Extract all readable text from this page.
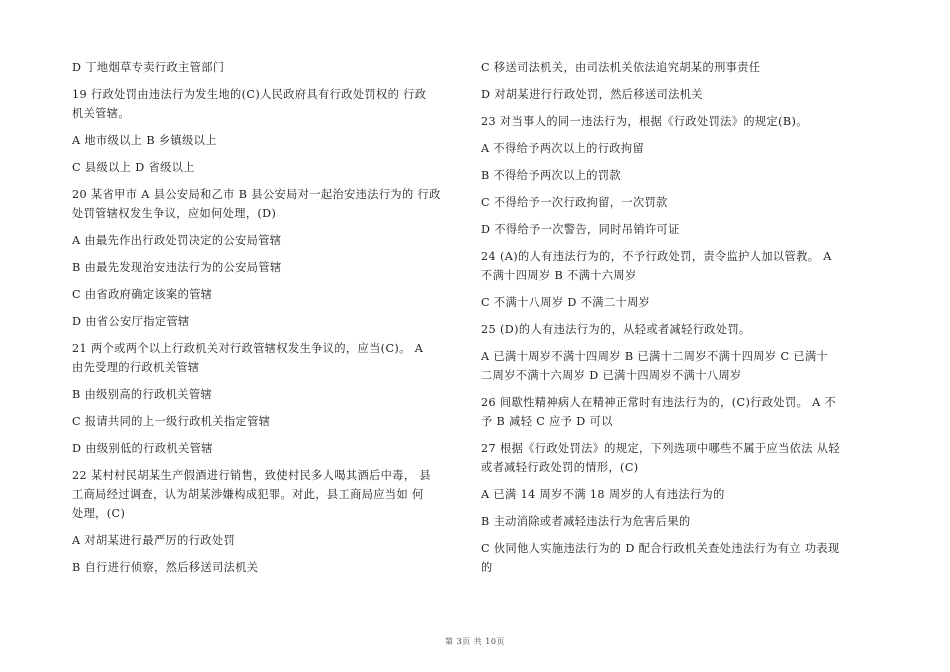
D 丁地烟草专卖行政主管部门
19 行政处罚由违法行为发生地的(C)人民政府具有行政处罚权的 行政
机关管辖。
A 地市级以上 B 乡镇级以上
C 县级以上 D 省级以上
20 某省甲市 A 县公安局和乙市 B 县公安局对一起治安违法行为的 行政
处罚管辖权发生争议，应如何处理，(D)
A 由最先作出行政处罚决定的公安局管辖
B 由最先发现治安违法行为的公安局管辖
C 由省政府确定该案的管辖
D 由省公安厅指定管辖
21 两个或两个以上行政机关对行政管辖权发生争议的，应当(C)。 A
由先受理的行政机关管辖
B 由级别高的行政机关管辖
C 报请共同的上一级行政机关指定管辖
D 由级别低的行政机关管辖
22 某村村民胡某生产假酒进行销售，致使村民多人喝其酒后中毒， 县
工商局经过调查，认为胡某涉嫌构成犯罪。对此，县工商局应当如 何
处理，(C)
A 对胡某进行最严厉的行政处罚
B 自行进行侦察，然后移送司法机关
C 移送司法机关，由司法机关依法追究胡某的刑事责任
D 对胡某进行行政处罚，然后移送司法机关
23 对当事人的同一违法行为，根据《行政处罚法》的规定(B)。
A 不得给予两次以上的行政拘留
B 不得给予两次以上的罚款
C 不得给予一次行政拘留，一次罚款
D 不得给予一次警告，同时吊销许可证
24 (A)的人有违法行为的，不予行政处罚，责令监护人加以管教。 A
不满十四周岁 B 不满十六周岁
C 不满十八周岁 D 不满二十周岁
25 (D)的人有违法行为的，从轻或者减轻行政处罚。
A 已满十周岁不满十四周岁 B 已满十二周岁不满十四周岁 C 已满十
二周岁不满十六周岁 D 已满十四周岁不满十八周岁
26 间歇性精神病人在精神正常时有违法行为的，(C)行政处罚。 A 不
予 B 减轻 C 应予 D 可以
27 根据《行政处罚法》的规定，下列选项中哪些不属于应当依法 从轻
或者减轻行政处罚的情形，(C)
A 已满 14 周岁不满 18 周岁的人有违法行为的
B 主动消除或者减轻违法行为危害后果的
C 伙同他人实施违法行为的 D 配合行政机关查处违法行为有立 功表现
的
第 3页 共 10页
